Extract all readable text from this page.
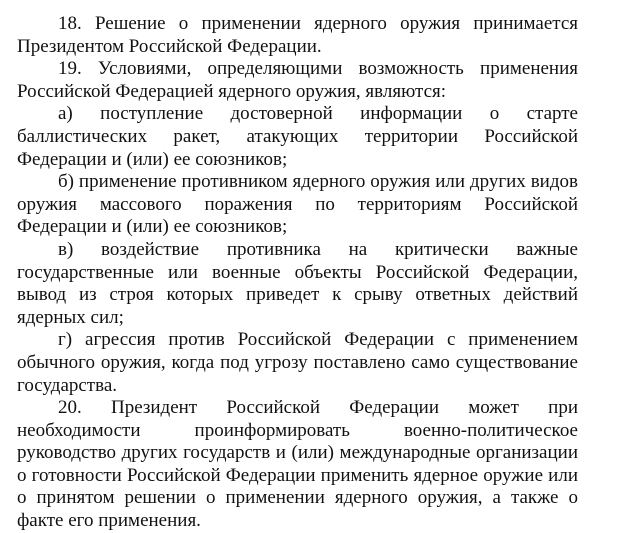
18. Решение о применении ядерного оружия принимается Президентом Российской Федерации.

19. Условиями, определяющими возможность применения Российской Федерацией ядерного оружия, являются:

а) поступление достоверной информации о старте баллистических ракет, атакующих территории Российской Федерации и (или) ее союзников;

б) применение противником ядерного оружия или других видов оружия массового поражения по территориям Российской Федерации и (или) ее союзников;

в) воздействие противника на критически важные государственные или военные объекты Российской Федерации, вывод из строя которых приведет к срыву ответных действий ядерных сил;

г) агрессия против Российской Федерации с применением обычного оружия, когда под угрозу поставлено само существование государства.

20. Президент Российской Федерации может при необходимости проинформировать военно-политическое руководство других государств и (или) международные организации о готовности Российской Федерации применить ядерное оружие или о принятом решении о применении ядерного оружия, а также о факте его применения.
